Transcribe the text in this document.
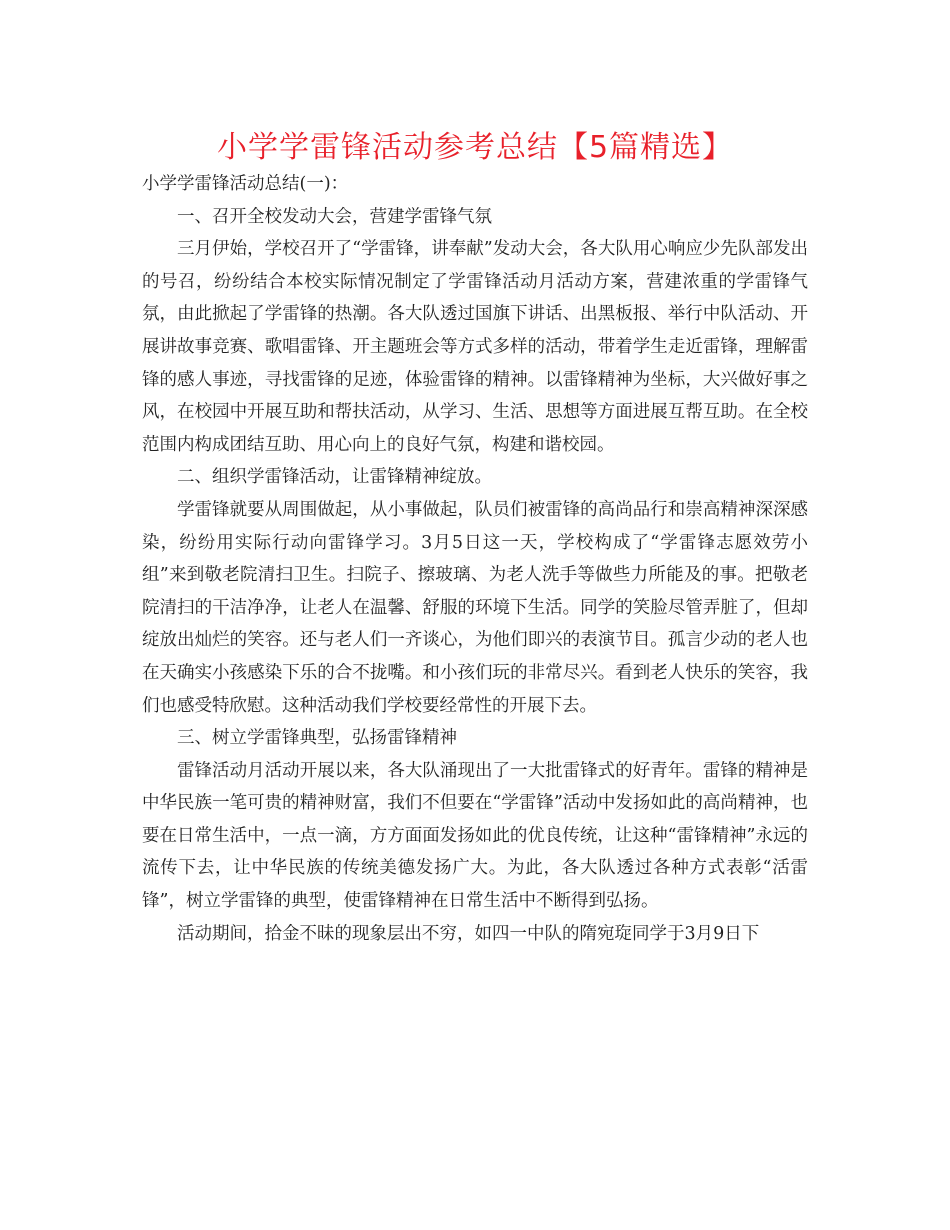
小学学雷锋活动参考总结【5篇精选】

小学学雷锋活动总结(一)：

一、召开全校发动大会，营建学雷锋气氛

三月伊始，学校召开了“学雷锋，讲奉献”发动大会，各大队用心响应少先队部发出的号召，纷纷结合本校实际情况制定了学雷锋活动月活动方案，营建浓重的学雷锋气氛，由此掀起了学雷锋的热潮。各大队透过国旗下讲话、出黑板报、举行中队活动、开展讲故事竞赛、歌唱雷锋、开主题班会等方式多样的活动，带着学生走近雷锋，理解雷锋的感人事迹，寻找雷锋的足迹，体验雷锋的精神。以雷锋精神为坐标，大兴做好事之风，在校园中开展互助和帮扶活动，从学习、生活、思想等方面进展互帮互助。在全校范围内构成团结互助、用心向上的良好气氛，构建和谐校园。

二、组织学雷锋活动，让雷锋精神绽放。

学雷锋就要从周围做起，从小事做起，队员们被雷锋的高尚品行和崇高精神深深感染，纷纷用实际行动向雷锋学习。3月5日这一天，学校构成了“学雷锋志愿效劳小组”来到敬老院清扫卫生。扫院子、擦玻璃、为老人洗手等做些力所能及的事。把敬老院清扫的干洁净净，让老人在温馨、舒服的环境下生活。同学的笑脸尽管弄脏了，但却绽放出灿烂的笑容。还与老人们一齐谈心，为他们即兴的表演节目。孤言少动的老人也在天确实小孩感染下乐的合不拢嘴。和小孩们玩的非常尽兴。看到老人快乐的笑容，我们也感受特欣慰。这种活动我们学校要经常性的开展下去。

三、树立学雷锋典型，弘扬雷锋精神

雷锋活动月活动开展以来，各大队涌现出了一大批雷锋式的好青年。雷锋的精神是中华民族一笔可贵的精神财富，我们不但要在“学雷锋”活动中发扬如此的高尚精神，也要在日常生活中，一点一滴，方方面面发扬如此的优良传统，让这种“雷锋精神”永远的流传下去，让中华民族的传统美德发扬广大。为此，各大队透过各种方式表彰“活雷锋”，树立学雷锋的典型，使雷锋精神在日常生活中不断得到弘扬。

活动期间，拾金不昧的现象层出不穷，如四一中队的隋宛琁同学于3月9日下
